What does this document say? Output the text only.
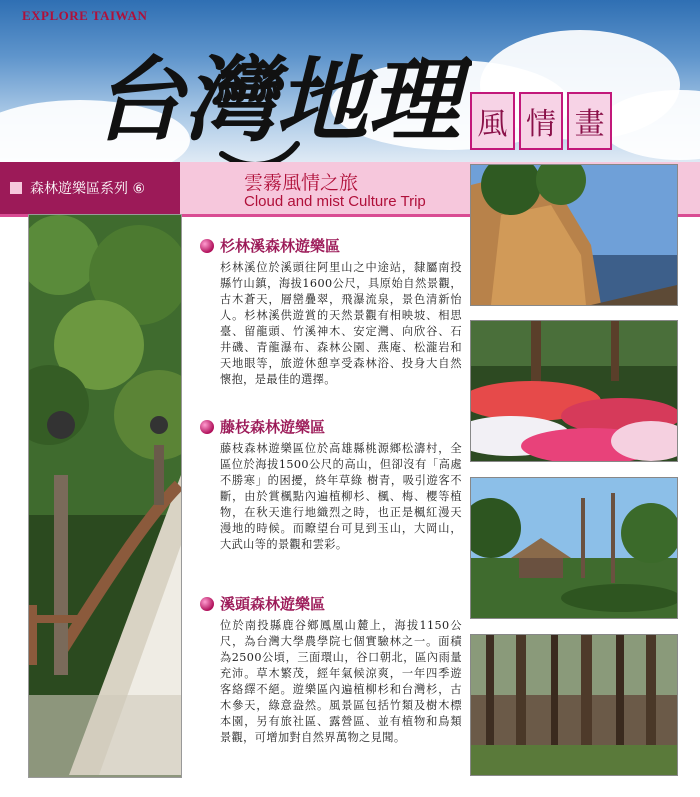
EXPLORE TAIWAN
台灣地理 風 情 畫
森林遊樂區系列 ⑥	雲霧風情之旅
Cloud and mist Culture Trip
杉林溪森林遊樂區

杉林溪位於溪頭往阿里山之中途站，隸屬南投縣竹山鎮，海拔1600公尺，具原始自然景觀，古木蒼天，層巒疊翠，飛瀑流泉，景色清新怡人。杉林溪供遊賞的天然景觀有相映坡、相思臺、留龍頭、竹溪神木、安定灣、向欣谷、石井磯、青龍瀑布、森林公園、燕庵、松瀧岩和天地眼等，旅遊休憩享受森林浴、投身大自然懷抱，是最佳的選擇。

藤枝森林遊樂區

藤枝森林遊樂區位於高雄縣桃源鄉松濤村，全區位於海拔1500公尺的高山，但卻沒有「高處不勝寒」的困擾，終年草綠 樹青，吸引遊客不斷，由於賞楓點內遍植柳杉、楓、梅、櫻等植物，在秋天進行地織烈之時，也正是楓紅漫天漫地的時候。而瞭望台可見到玉山，大岡山，大武山等的景觀和雲彩。

溪頭森林遊樂區

位於南投縣鹿谷鄉鳳凰山麓上，海拔1150公尺，為台灣大學農學院七個實驗林之一。面積為2500公頃，三面環山，谷口朝北，區內雨量充沛。草木繁茂，經年氣候涼爽，一年四季遊客絡繹不絕。遊樂區內遍植柳杉和台灣杉，古木參天，綠意盎然。風景區包括竹類及樹木標本園，另有旅社區、露營區、並有植物和鳥類景觀，可增加對自然界萬物之見聞。
